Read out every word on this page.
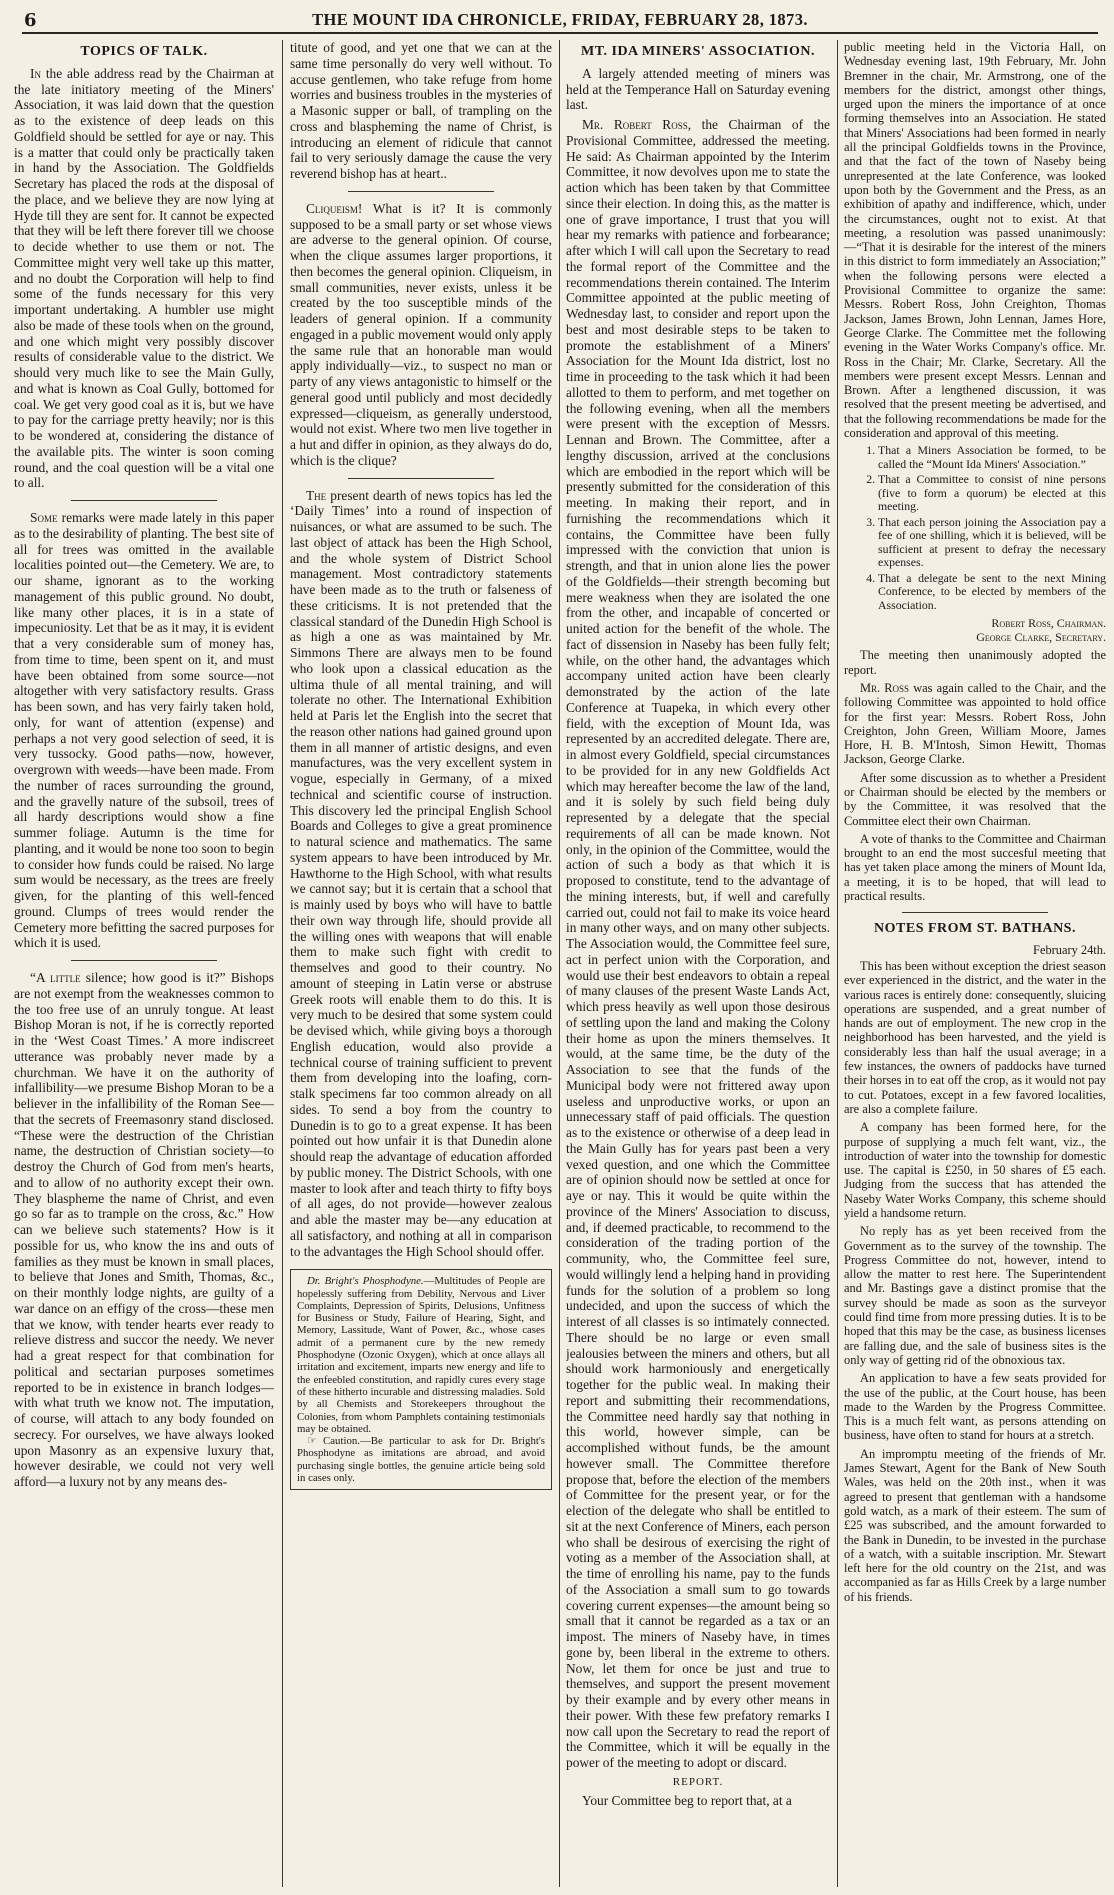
6	THE MOUNT IDA CHRONICLE, FRIDAY, FEBRUARY 28, 1873.
TOPICS OF TALK.

In the able address read by the Chairman at the late initiatory meeting of the Miners' Association, it was laid down that the question as to the existence of deep leads on this Goldfield should be settled for aye or nay. This is a matter that could only be practically taken in hand by the Association. The Goldfields Secretary has placed the rods at the disposal of the place, and we believe they are now lying at Hyde till they are sent for. It cannot be expected that they will be left there forever till we choose to decide whether to use them or not. The Committee might very well take up this matter, and no doubt the Corporation will help to find some of the funds necessary for this very important undertaking. A humbler use might also be made of these tools when on the ground, and one which might very possibly discover results of considerable value to the district. We should very much like to see the Main Gully, and what is known as Coal Gully, bottomed for coal. We get very good coal as it is, but we have to pay for the carriage pretty heavily; nor is this to be wondered at, considering the distance of the available pits. The winter is soon coming round, and the coal question will be a vital one to all.

Some remarks were made lately in this paper as to the desirability of planting. The best site of all for trees was omitted in the available localities pointed out—the Cemetery. We are, to our shame, ignorant as to the working management of this public ground. No doubt, like many other places, it is in a state of impecuniosity. Let that be as it may, it is evident that a very considerable sum of money has, from time to time, been spent on it, and must have been obtained from some source—not altogether with very satisfactory results. Grass has been sown, and has very fairly taken hold, only, for want of attention (expense) and perhaps a not very good selection of seed, it is very tussocky. Good paths—now, however, overgrown with weeds—have been made. From the number of races surrounding the ground, and the gravelly nature of the subsoil, trees of all hardy descriptions would show a fine summer foliage. Autumn is the time for planting, and it would be none too soon to begin to consider how funds could be raised. No large sum would be necessary, as the trees are freely given, for the planting of this well-fenced ground. Clumps of trees would render the Cemetery more befitting the sacred purposes for which it is used.

“A little silence; how good is it?” Bishops are not exempt from the weaknesses common to the too free use of an unruly tongue. At least Bishop Moran is not, if he is correctly reported in the ‘West Coast Times.’ A more indiscreet utterance was probably never made by a churchman. We have it on the authority of infallibility—we presume Bishop Moran to be a believer in the infallibility of the Roman See—that the secrets of Freemasonry stand disclosed. “These were the destruction of the Christian name, the destruction of Christian society—to destroy the Church of God from men's hearts, and to allow of no authority except their own. They blaspheme the name of Christ, and even go so far as to trample on the cross, &c.” How can we believe such statements? How is it possible for us, who know the ins and outs of families as they must be known in small places, to believe that Jones and Smith, Thomas, &c., on their monthly lodge nights, are guilty of a war dance on an effigy of the cross—these men that we know, with tender hearts ever ready to relieve distress and succor the needy. We never had a great respect for that combination for political and sectarian purposes sometimes reported to be in existence in branch lodges—with what truth we know not. The imputation, of course, will attach to any body founded on secrecy. For ourselves, we have always looked upon Masonry as an expensive luxury that, however desirable, we could not very well afford—a luxury not by any means des-

titute of good, and yet one that we can at the same time personally do very well without. To accuse gentlemen, who take refuge from home worries and business troubles in the mysteries of a Masonic supper or ball, of trampling on the cross and blaspheming the name of Christ, is introducing an element of ridicule that cannot fail to very seriously damage the cause the very reverend bishop has at heart..

Cliqueism! What is it? It is commonly supposed to be a small party or set whose views are adverse to the general opinion. Of course, when the clique assumes larger proportions, it then becomes the general opinion. Cliqueism, in small communities, never exists, unless it be created by the too susceptible minds of the leaders of general opinion. If a community engaged in a public movement would only apply the same rule that an honorable man would apply individually—viz., to suspect no man or party of any views antagonistic to himself or the general good until publicly and most decidedly expressed—cliqueism, as generally understood, would not exist. Where two men live together in a hut and differ in opinion, as they always do do, which is the clique?

The present dearth of news topics has led the ‘Daily Times’ into a round of inspection of nuisances, or what are assumed to be such. The last object of attack has been the High School, and the whole system of District School management. Most contradictory statements have been made as to the truth or falseness of these criticisms. It is not pretended that the classical standard of the Dunedin High School is as high a one as was maintained by Mr. Simmons There are always men to be found who look upon a classical education as the ultima thule of all mental training, and will tolerate no other. The International Exhibition held at Paris let the English into the secret that the reason other nations had gained ground upon them in all manner of artistic designs, and even manufactures, was the very excellent system in vogue, especially in Germany, of a mixed technical and scientific course of instruction. This discovery led the principal English School Boards and Colleges to give a great prominence to natural science and mathematics. The same system appears to have been introduced by Mr. Hawthorne to the High School, with what results we cannot say; but it is certain that a school that is mainly used by boys who will have to battle their own way through life, should provide all the willing ones with weapons that will enable them to make such fight with credit to themselves and good to their country. No amount of steeping in Latin verse or abstruse Greek roots will enable them to do this. It is very much to be desired that some system could be devised which, while giving boys a thorough English education, would also provide a technical course of training sufficient to prevent them from developing into the loafing, corn-stalk specimens far too common already on all sides. To send a boy from the country to Dunedin is to go to a great expense. It has been pointed out how unfair it is that Dunedin alone should reap the advantage of education afforded by public money. The District Schools, with one master to look after and teach thirty to fifty boys of all ages, do not provide—however zealous and able the master may be—any education at all satisfactory, and nothing at all in comparison to the advantages the High School should offer.

Dr. Bright's Phosphodyne.—Multitudes of People are hopelessly suffering from Debility, Nervous and Liver Complaints, Depression of Spirits, Delusions, Unfitness for Business or Study, Failure of Hearing, Sight, and Memory, Lassitude, Want of Power, &c., whose cases admit of a permanent cure by the new remedy Phosphodyne (Ozonic Oxygen), which at once allays all irritation and excitement, imparts new energy and life to the enfeebled constitution, and rapidly cures every stage of these hitherto incurable and distressing maladies. Sold by all Chemists and Storekeepers throughout the Colonies, from whom Pamphlets containing testimonials may be obtained.

☞ Caution.—Be particular to ask for Dr. Bright's Phosphodyne as imitations are abroad, and avoid purchasing single bottles, the genuine article being sold in cases only.

MT. IDA MINERS' ASSOCIATION.

A largely attended meeting of miners was held at the Temperance Hall on Saturday evening last.

Mr. Robert Ross, the Chairman of the Provisional Committee, addressed the meeting. He said: As Chairman appointed by the Interim Committee, it now devolves upon me to state the action which has been taken by that Committee since their election. In doing this, as the matter is one of grave importance, I trust that you will hear my remarks with patience and forbearance; after which I will call upon the Secretary to read the formal report of the Committee and the recommendations therein contained. The Interim Committee appointed at the public meeting of Wednesday last, to consider and report upon the best and most desirable steps to be taken to promote the establishment of a Miners' Association for the Mount Ida district, lost no time in proceeding to the task which it had been allotted to them to perform, and met together on the following evening, when all the members were present with the exception of Messrs. Lennan and Brown. The Committee, after a lengthy discussion, arrived at the conclusions which are embodied in the report which will be presently submitted for the consideration of this meeting. In making their report, and in furnishing the recommendations which it contains, the Committee have been fully impressed with the conviction that union is strength, and that in union alone lies the power of the Goldfields—their strength becoming but mere weakness when they are isolated the one from the other, and incapable of concerted or united action for the benefit of the whole. The fact of dissension in Naseby has been fully felt; while, on the other hand, the advantages which accompany united action have been clearly demonstrated by the action of the late Conference at Tuapeka, in which every other field, with the exception of Mount Ida, was represented by an accredited delegate. There are, in almost every Goldfield, special circumstances to be provided for in any new Goldfields Act which may hereafter become the law of the land, and it is solely by such field being duly represented by a delegate that the special requirements of all can be made known. Not only, in the opinion of the Committee, would the action of such a body as that which it is proposed to constitute, tend to the advantage of the mining interests, but, if well and carefully carried out, could not fail to make its voice heard in many other ways, and on many other subjects. The Association would, the Committee feel sure, act in perfect union with the Corporation, and would use their best endeavors to obtain a repeal of many clauses of the present Waste Lands Act, which press heavily as well upon those desirous of settling upon the land and making the Colony their home as upon the miners themselves. It would, at the same time, be the duty of the Association to see that the funds of the Municipal body were not frittered away upon useless and unproductive works, or upon an unnecessary staff of paid officials. The question as to the existence or otherwise of a deep lead in the Main Gully has for years past been a very vexed question, and one which the Committee are of opinion should now be settled at once for aye or nay. This it would be quite within the province of the Miners' Association to discuss, and, if deemed practicable, to recommend to the consideration of the trading portion of the community, who, the Committee feel sure, would willingly lend a helping hand in providing funds for the solution of a problem so long undecided, and upon the success of which the interest of all classes is so intimately connected. There should be no large or even small jealousies between the miners and others, but all should work harmoniously and energetically together for the public weal. In making their report and submitting their recommendations, the Committee need hardly say that nothing in this world, however simple, can be accomplished without funds, be the amount however small. The Committee therefore propose that, before the election of the members of Committee for the present year, or for the election of the delegate who shall be entitled to sit at the next Conference of Miners, each person who shall be desirous of exercising the right of voting as a member of the Association shall, at the time of enrolling his name, pay to the funds of the Association a small sum to go towards covering current expenses—the amount being so small that it cannot be regarded as a tax or an impost. The miners of Naseby have, in times gone by, been liberal in the extreme to others. Now, let them for once be just and true to themselves, and support the present movement by their example and by every other means in their power. With these few prefatory remarks I now call upon the Secretary to read the report of the Committee, which it will be equally in the power of the meeting to adopt or discard.

REPORT.

Your Committee beg to report that, at a

public meeting held in the Victoria Hall, on Wednesday evening last, 19th February, Mr. John Bremner in the chair, Mr. Armstrong, one of the members for the district, amongst other things, urged upon the miners the importance of at once forming themselves into an Association. He stated that Miners' Associations had been formed in nearly all the principal Goldfields towns in the Province, and that the fact of the town of Naseby being unrepresented at the late Conference, was looked upon both by the Government and the Press, as an exhibition of apathy and indifference, which, under the circumstances, ought not to exist. At that meeting, a resolution was passed unanimously:—“That it is desirable for the interest of the miners in this district to form immediately an Association;” when the following persons were elected a Provisional Committee to organize the same: Messrs. Robert Ross, John Creighton, Thomas Jackson, James Brown, John Lennan, James Hore, George Clarke. The Committee met the following evening in the Water Works Company's office. Mr. Ross in the Chair; Mr. Clarke, Secretary. All the members were present except Messrs. Lennan and Brown. After a lengthened discussion, it was resolved that the present meeting be advertised, and that the following recommendations be made for the consideration and approval of this meeting.

1. That a Miners Association be formed, to be called the “Mount Ida Miners' Association.”
2. That a Committee to consist of nine persons (five to form a quorum) be elected at this meeting.
3. That each person joining the Association pay a fee of one shilling, which it is believed, will be sufficient at present to defray the necessary expenses.
4. That a delegate be sent to the next Mining Conference, to be elected by members of the Association.
Robert Ross, Chairman.
George Clarke, Secretary.

The meeting then unanimously adopted the report.

Mr. Ross was again called to the Chair, and the following Committee was appointed to hold office for the first year: Messrs. Robert Ross, John Creighton, John Green, William Moore, James Hore, H. B. M'Intosh, Simon Hewitt, Thomas Jackson, George Clarke.

After some discussion as to whether a President or Chairman should be elected by the members or by the Committee, it was resolved that the Committee elect their own Chairman.

A vote of thanks to the Committee and Chairman brought to an end the most succesful meeting that has yet taken place among the miners of Mount Ida, a meeting, it is to be hoped, that will lead to practical results.

NOTES FROM ST. BATHANS.

February 24th.

This has been without exception the driest season ever experienced in the district, and the water in the various races is entirely done: consequently, sluicing operations are suspended, and a great number of hands are out of employment. The new crop in the neighborhood has been harvested, and the yield is considerably less than half the usual average; in a few instances, the owners of paddocks have turned their horses in to eat off the crop, as it would not pay to cut. Potatoes, except in a few favored localities, are also a complete failure.

A company has been formed here, for the purpose of supplying a much felt want, viz., the introduction of water into the township for domestic use. The capital is £250, in 50 shares of £5 each. Judging from the success that has attended the Naseby Water Works Company, this scheme should yield a handsome return.

No reply has as yet been received from the Government as to the survey of the township. The Progress Committee do not, however, intend to allow the matter to rest here. The Superintendent and Mr. Bastings gave a distinct promise that the survey should be made as soon as the surveyor could find time from more pressing duties. It is to be hoped that this may be the case, as business licenses are falling due, and the sale of business sites is the only way of getting rid of the obnoxious tax.

An application to have a few seats provided for the use of the public, at the Court house, has been made to the Warden by the Progress Committee. This is a much felt want, as persons attending on business, have often to stand for hours at a stretch.

An impromptu meeting of the friends of Mr. James Stewart, Agent for the Bank of New South Wales, was held on the 20th inst., when it was agreed to present that gentleman with a handsome gold watch, as a mark of their esteem. The sum of £25 was subscribed, and the amount forwarded to the Bank in Dunedin, to be invested in the purchase of a watch, with a suitable inscription. Mr. Stewart left here for the old country on the 21st, and was accompanied as far as Hills Creek by a large number of his friends.
